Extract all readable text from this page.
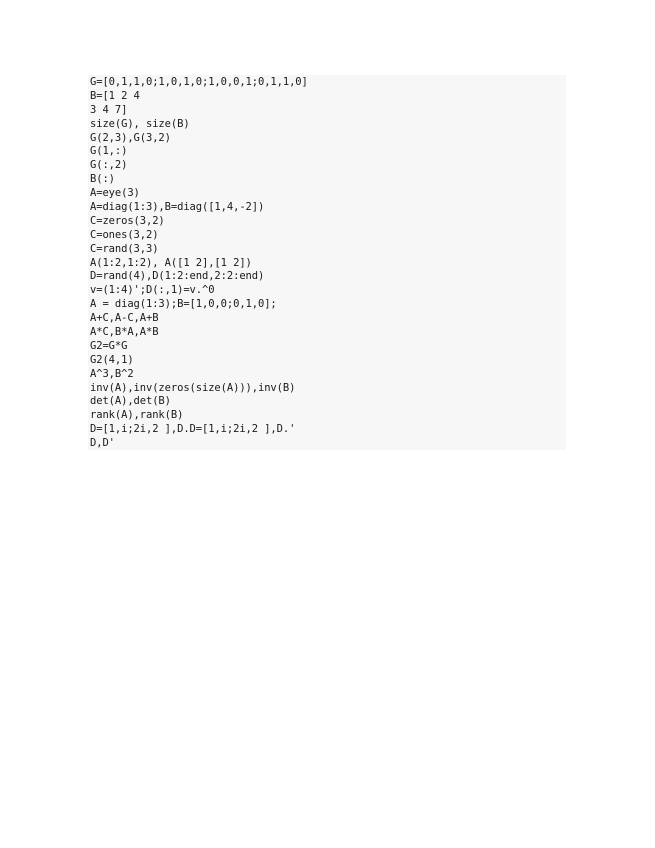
G=[0,1,1,0;1,0,1,0;1,0,0,1;0,1,1,0]
B=[1 2 4
3 4 7]
size(G), size(B)
G(2,3),G(3,2)
G(1,:)
G(:,2)
B(:)
A=eye(3)
A=diag(1:3),B=diag([1,4,-2])
C=zeros(3,2)
C=ones(3,2)
C=rand(3,3)
A(1:2,1:2), A([1 2],[1 2])
D=rand(4),D(1:2:end,2:2:end)
v=(1:4)';D(:,1)=v.^0
A = diag(1:3);B=[1,0,0;0,1,0];
A+C,A-C,A+B
A*C,B*A,A*B
G2=G*G
G2(4,1)
A^3,B^2
inv(A),inv(zeros(size(A))),inv(B)
det(A),det(B)
rank(A),rank(B)
D=[1,i;2i,2 ],D.D=[1,i;2i,2 ],D.'
D,D'
